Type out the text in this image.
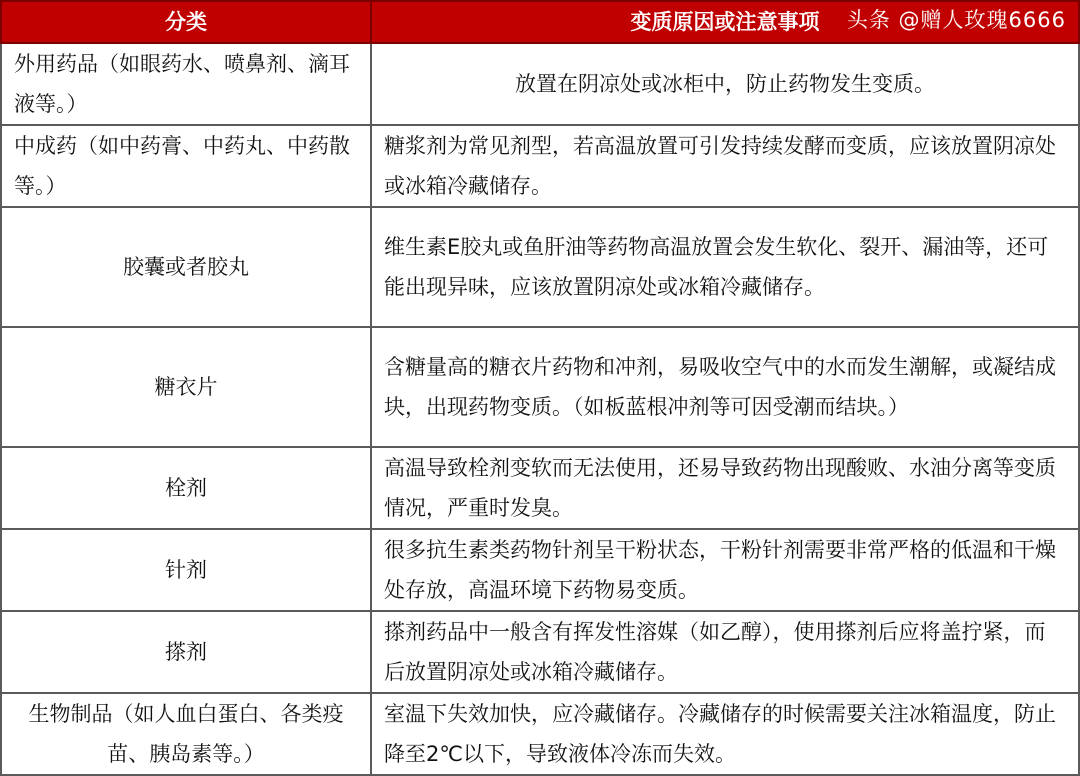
分类	变质原因或注意事项
外用药品（如眼药水、喷鼻剂、滴耳液等。）	放置在阴凉处或冰柜中，防止药物发生变质。
中成药（如中药膏、中药丸、中药散等。）	糖浆剂为常见剂型，若高温放置可引发持续发酵而变质，应该放置阴凉处或冰箱冷藏储存。
胶囊或者胶丸	维生素E胶丸或鱼肝油等药物高温放置会发生软化、裂开、漏油等，还可能出现异味，应该放置阴凉处或冰箱冷藏储存。
糖衣片	含糖量高的糖衣片药物和冲剂，易吸收空气中的水而发生潮解，或凝结成块，出现药物变质。（如板蓝根冲剂等可因受潮而结块。）
栓剂	高温导致栓剂变软而无法使用，还易导致药物出现酸败、水油分离等变质情况，严重时发臭。
针剂	很多抗生素类药物针剂呈干粉状态，干粉针剂需要非常严格的低温和干燥处存放，高温环境下药物易变质。
搽剂	搽剂药品中一般含有挥发性溶媒（如乙醇），使用搽剂后应将盖拧紧，而后放置阴凉处或冰箱冷藏储存。
生物制品（如人血白蛋白、各类疫苗、胰岛素等。）	室温下失效加快，应冷藏储存。冷藏储存的时候需要关注冰箱温度，防止降至2℃以下，导致液体冷冻而失效。
头条 @赠人玫瑰6666
